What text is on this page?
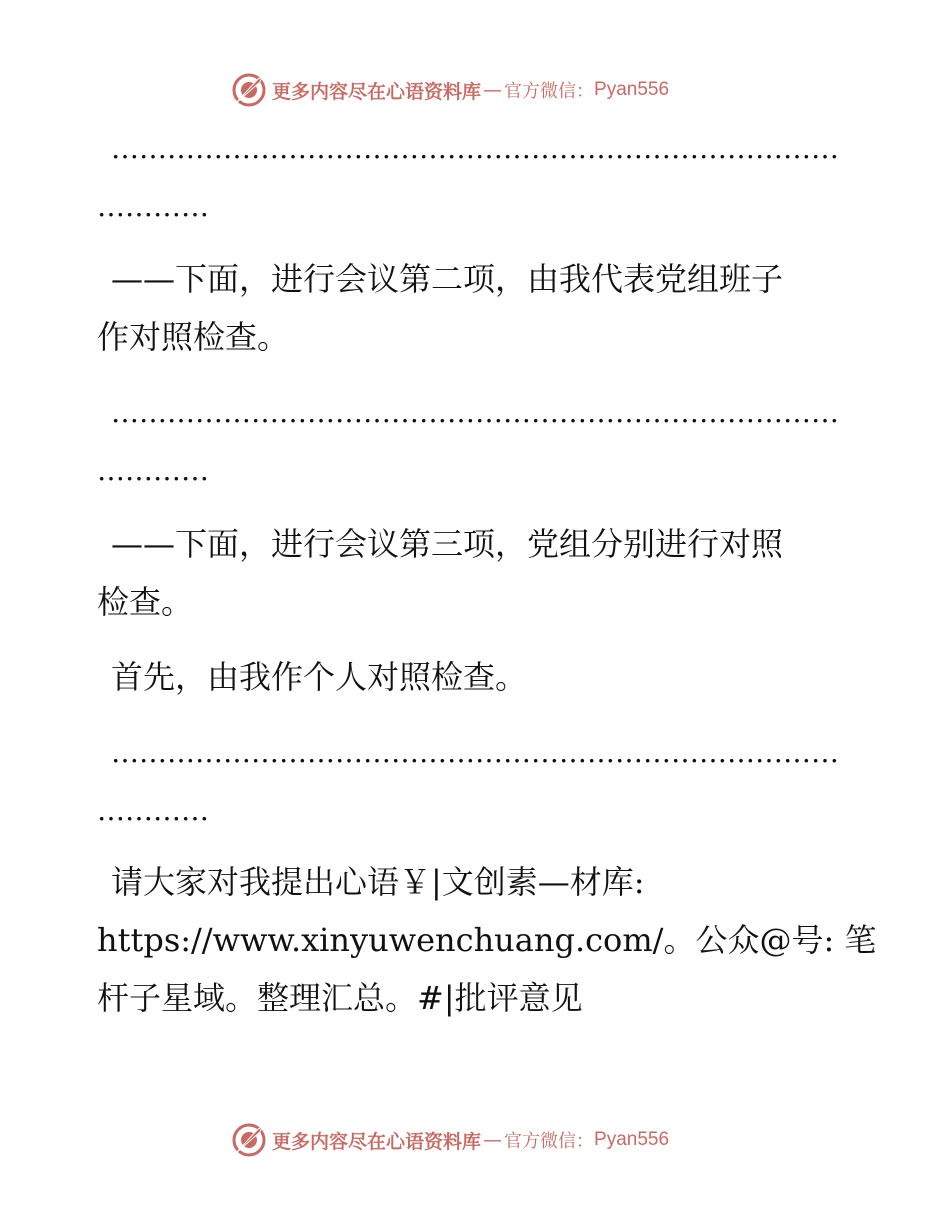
更多内容尽在心语资料库 — 官方微信： Pyan556
……………………………………………………………………
…………
——下面，进行会议第二项，由我代表党组班子
作对照检查。
……………………………………………………………………
…………
——下面，进行会议第三项，党组分别进行对照
检查。
首先，由我作个人对照检查。
……………………………………………………………………
…………
请大家对我提出心语￥|文创素—材库:
https://www.xinyuwenchuang.com/。公众@号: 笔
杆子星域。整理汇总。#|批评意见
更多内容尽在心语资料库 — 官方微信： Pyan556
